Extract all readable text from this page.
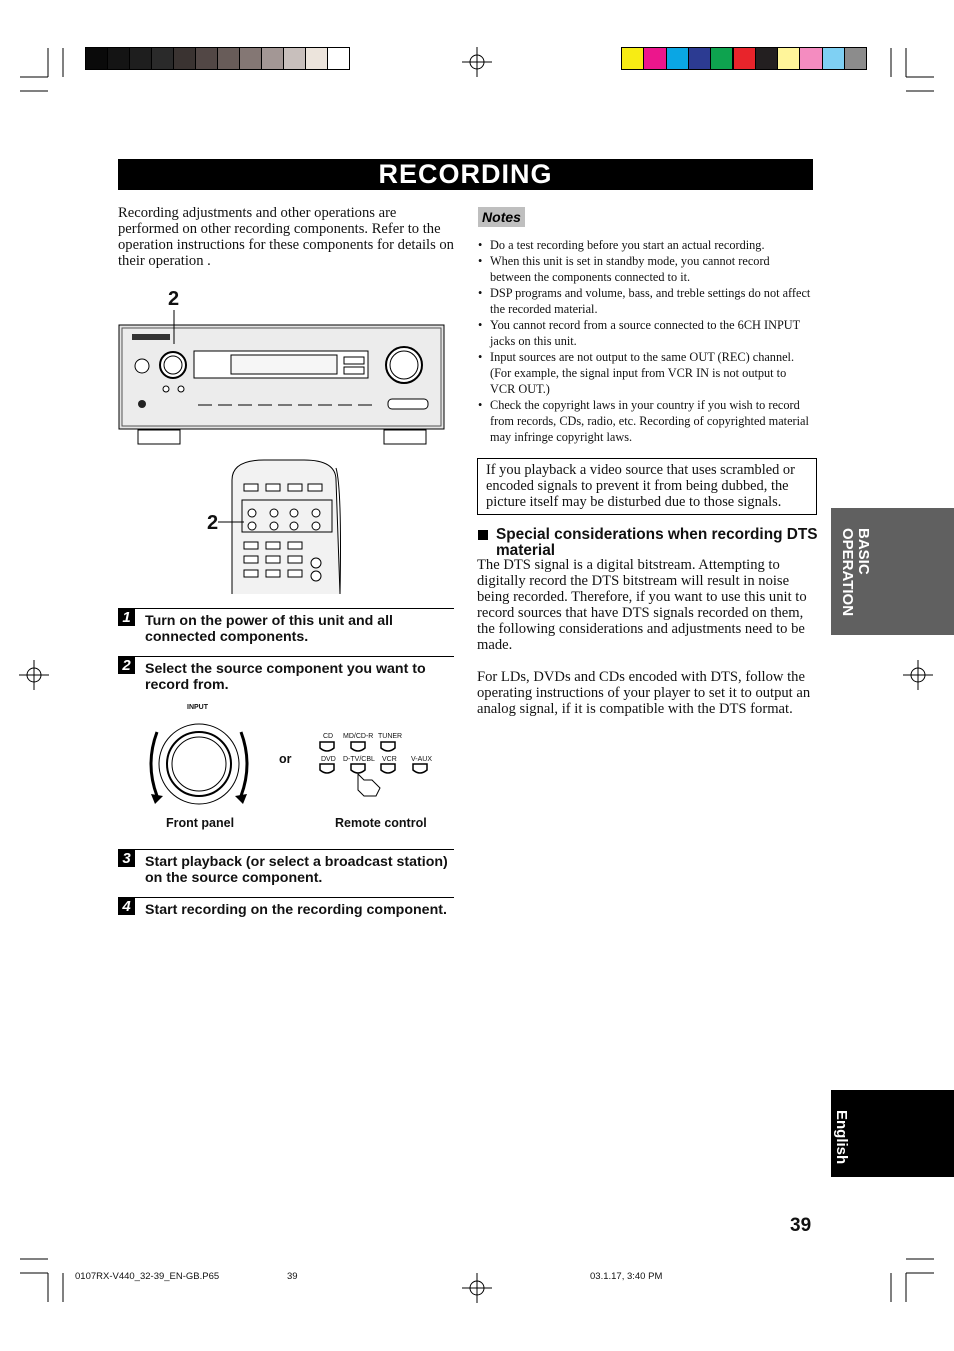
RECORDING
Recording adjustments and other operations are performed on other recording components. Refer to the operation instructions for these components for details on their operation .
Notes
• Do a test recording before you start an actual recording.
• When this unit is set in standby mode, you cannot record between the components connected to it.
• DSP programs and volume, bass, and treble settings do not affect the recorded material.
• You cannot record from a source connected to the 6CH INPUT jacks on this unit.
• Input sources are not output to the same OUT (REC) channel. (For example, the signal input from VCR IN is not output to VCR OUT.)
• Check the copyright laws in your country if you wish to record from records, CDs, radio, etc. Recording of copyrighted material may infringe copyright laws.
If you playback a video source that uses scrambled or encoded signals to prevent it from being dubbed, the picture itself may be disturbed due to those signals.
Special considerations when recording DTS material
The DTS signal is a digital bitstream. Attempting to digitally record the DTS bitstream will result in noise being recorded. Therefore, if you want to use this unit to record sources that have DTS signals recorded on them, the following considerations and adjustments need to be made.
For LDs, DVDs and CDs encoded with DTS, follow the operating instructions of your player to set it to output an analog signal, if it is compatible with the DTS format.
2
2
1	Turn on the power of this unit and all connected components.
2	Select the source component you want to record from.
3	Start playback (or select a broadcast station) on the source component.
4	Start recording on the recording component.
INPUT
or
CD MD/CD-R TUNER
DVD D-TV/CBL VCR V-AUX
Front panel	Remote control
BASIC OPERATION
English
39
0107RX-V440_32-39_EN-GB.P65	39	03.1.17, 3:40 PM
